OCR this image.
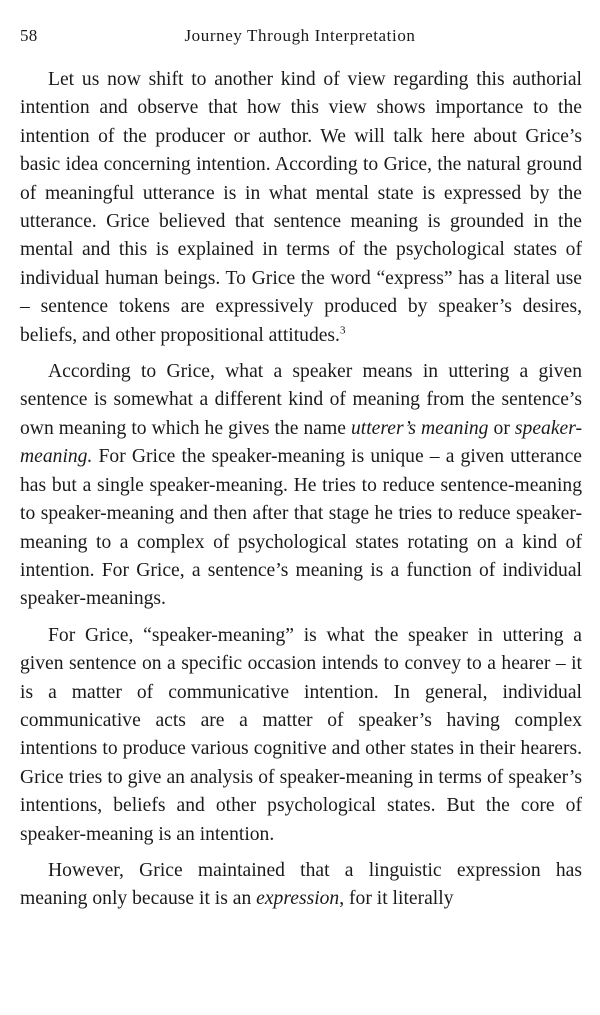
58	Journey Through Interpretation

Let us now shift to another kind of view regarding this authorial intention and observe that how this view shows importance to the intention of the producer or author. We will talk here about Grice’s basic idea concerning intention. According to Grice, the natural ground of meaningful utterance is in what mental state is expressed by the utterance. Grice believed that sentence meaning is grounded in the mental and this is explained in terms of the psychological states of individual human beings. To Grice the word “express” has a literal use – sentence tokens are expressively produced by speaker’s desires, beliefs, and other propositional attitudes.$^3$

According to Grice, what a speaker means in uttering a given sentence is somewhat a different kind of meaning from the sentence’s own meaning to which he gives the name utterer’s meaning or speaker-meaning. For Grice the speaker-meaning is unique – a given utterance has but a single speaker-meaning. He tries to reduce sentence-meaning to speaker-meaning and then after that stage he tries to reduce speaker-meaning to a complex of psychological states rotating on a kind of intention. For Grice, a sentence’s meaning is a function of individual speaker-meanings.

For Grice, “speaker-meaning” is what the speaker in uttering a given sentence on a specific occasion intends to convey to a hearer – it is a matter of communicative intention. In general, individual communicative acts are a matter of speaker’s having complex intentions to produce various cognitive and other states in their hearers. Grice tries to give an analysis of speaker-meaning in terms of speaker’s intentions, beliefs and other psychological states. But the core of speaker-meaning is an intention.

However, Grice maintained that a linguistic expression has meaning only because it is an expression, for it literally
